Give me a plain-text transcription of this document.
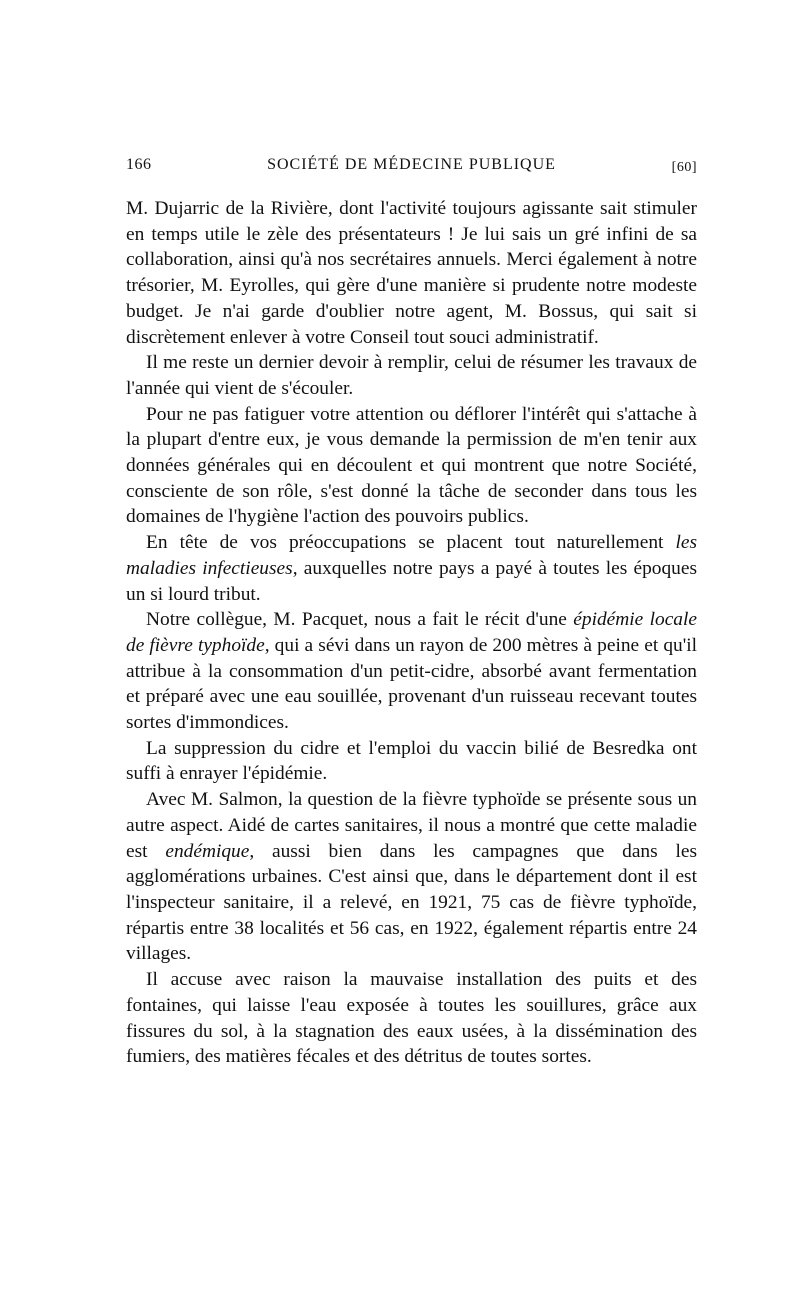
166	SOCIÉTÉ DE MÉDECINE PUBLIQUE	[60]

M. Dujarric de la Rivière, dont l'activité toujours agissante sait stimuler en temps utile le zèle des présentateurs ! Je lui sais un gré infini de sa collaboration, ainsi qu'à nos secrétaires annuels. Merci également à notre trésorier, M. Eyrolles, qui gère d'une manière si prudente notre modeste budget. Je n'ai garde d'oublier notre agent, M. Bossus, qui sait si discrètement enlever à votre Conseil tout souci administratif.

Il me reste un dernier devoir à remplir, celui de résumer les travaux de l'année qui vient de s'écouler.

Pour ne pas fatiguer votre attention ou déflorer l'intérêt qui s'attache à la plupart d'entre eux, je vous demande la permission de m'en tenir aux données générales qui en découlent et qui montrent que notre Société, consciente de son rôle, s'est donné la tâche de seconder dans tous les domaines de l'hygiène l'action des pouvoirs publics.

En tête de vos préoccupations se placent tout naturellement les maladies infectieuses, auxquelles notre pays a payé à toutes les époques un si lourd tribut.

Notre collègue, M. Pacquet, nous a fait le récit d'une épidémie locale de fièvre typhoïde, qui a sévi dans un rayon de 200 mètres à peine et qu'il attribue à la consommation d'un petit-cidre, absorbé avant fermentation et préparé avec une eau souillée, provenant d'un ruisseau recevant toutes sortes d'immondices.

La suppression du cidre et l'emploi du vaccin bilié de Besredka ont suffi à enrayer l'épidémie.

Avec M. Salmon, la question de la fièvre typhoïde se présente sous un autre aspect. Aidé de cartes sanitaires, il nous a montré que cette maladie est endémique, aussi bien dans les campagnes que dans les agglomérations urbaines. C'est ainsi que, dans le département dont il est l'inspecteur sanitaire, il a relevé, en 1921, 75 cas de fièvre typhoïde, répartis entre 38 localités et 56 cas, en 1922, également répartis entre 24 villages.

Il accuse avec raison la mauvaise installation des puits et des fontaines, qui laisse l'eau exposée à toutes les souillures, grâce aux fissures du sol, à la stagnation des eaux usées, à la dissémination des fumiers, des matières fécales et des détritus de toutes sortes.
